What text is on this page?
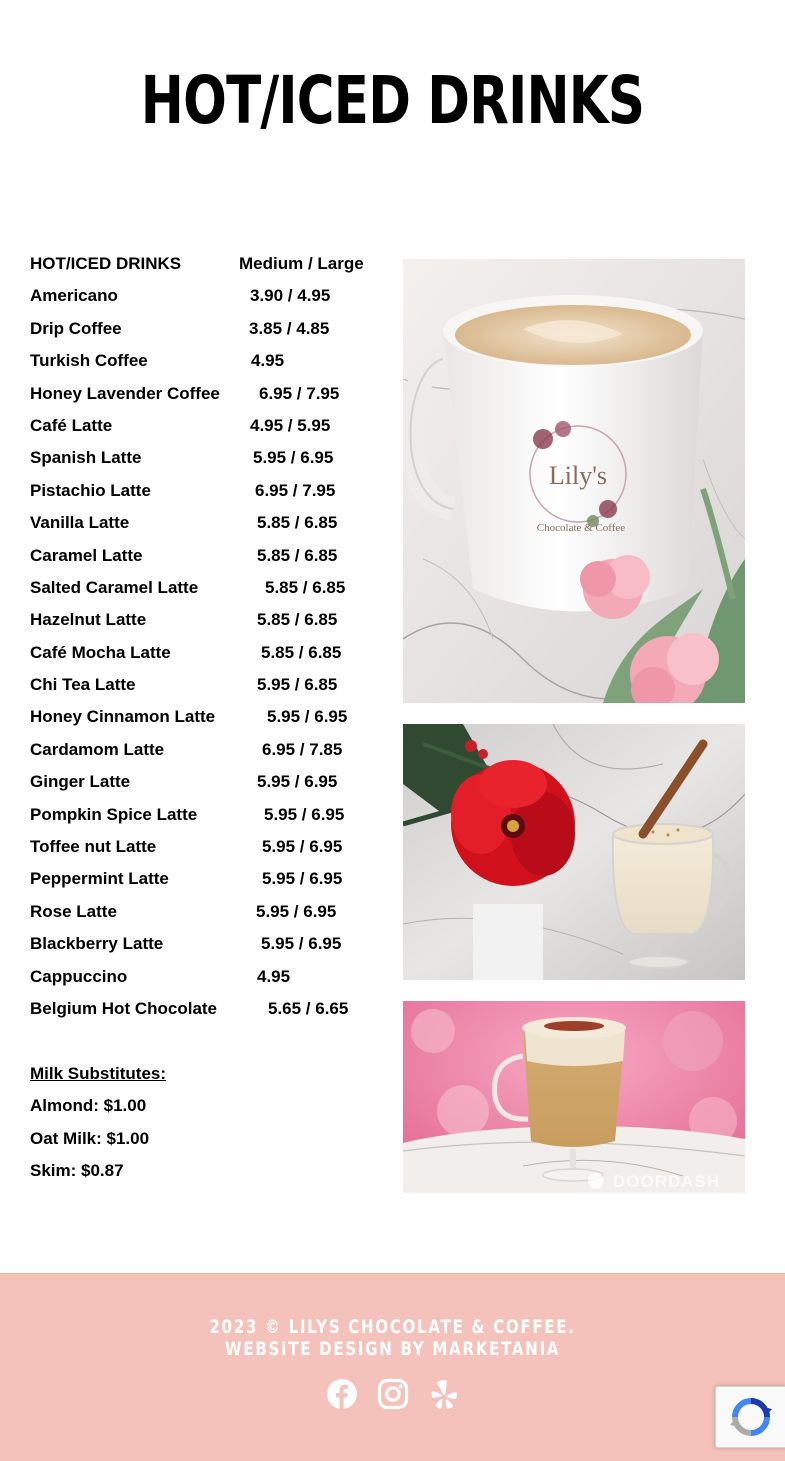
HOT/ICED DRINKS
HOT/ICED DRINKS	Medium / Large
Americano	3.90 / 4.95
Drip Coffee	3.85 / 4.85
Turkish Coffee	4.95
Honey Lavender Coffee 6.95 / 7.95
Café Latte	4.95 / 5.95
Spanish Latte	5.95 / 6.95
Pistachio Latte	6.95 / 7.95
Vanilla Latte	5.85 / 6.85
Caramel Latte	5.85 / 6.85
Salted Caramel Latte	5.85 / 6.85
Hazelnut Latte	5.85 / 6.85
Café Mocha Latte	5.85 / 6.85
Chi Tea Latte	5.95 / 6.85
Honey Cinnamon Latte	5.95 / 6.95
Cardamom Latte	6.95 / 7.85
Ginger Latte	5.95 / 6.95
Pompkin Spice Latte	5.95 / 6.95
Toffee nut Latte	5.95 / 6.95
Peppermint Latte	5.95 / 6.95
Rose Latte	5.95 / 6.95
Blackberry Latte	5.95 / 6.95
Cappuccino	4.95
Belgium Hot Chocolate	5.65 / 6.65
Milk Substitutes:
Almond: $1.00
Oat Milk: $1.00
Skim: $0.87
Lily's
Chocolate & Coffee
DOORDASH
2023 © LILYS CHOCOLATE & COFFEE.
WEBSITE DESIGN BY MARKETANIA
